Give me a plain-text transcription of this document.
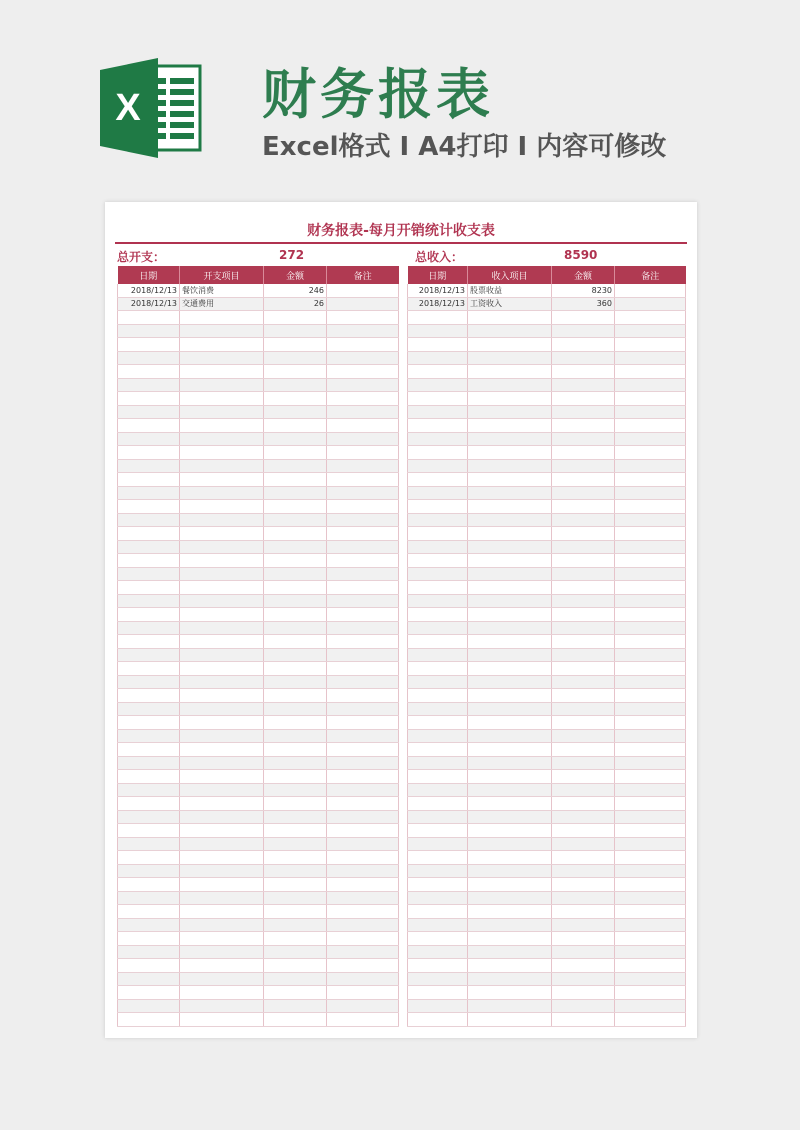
X 财务报表
Excel格式 I A4打印 I 内容可修改
财务报表-每月开销统计收支表
总开支：	272	总收入：	8590
日期	开支项目	金额	备注
2018/12/13	餐饮消费	246	
2018/12/13	交通费用	26	

日期	收入项目	金额	备注
2018/12/13	股票收益	8230	
2018/12/13	工资收入	360	
